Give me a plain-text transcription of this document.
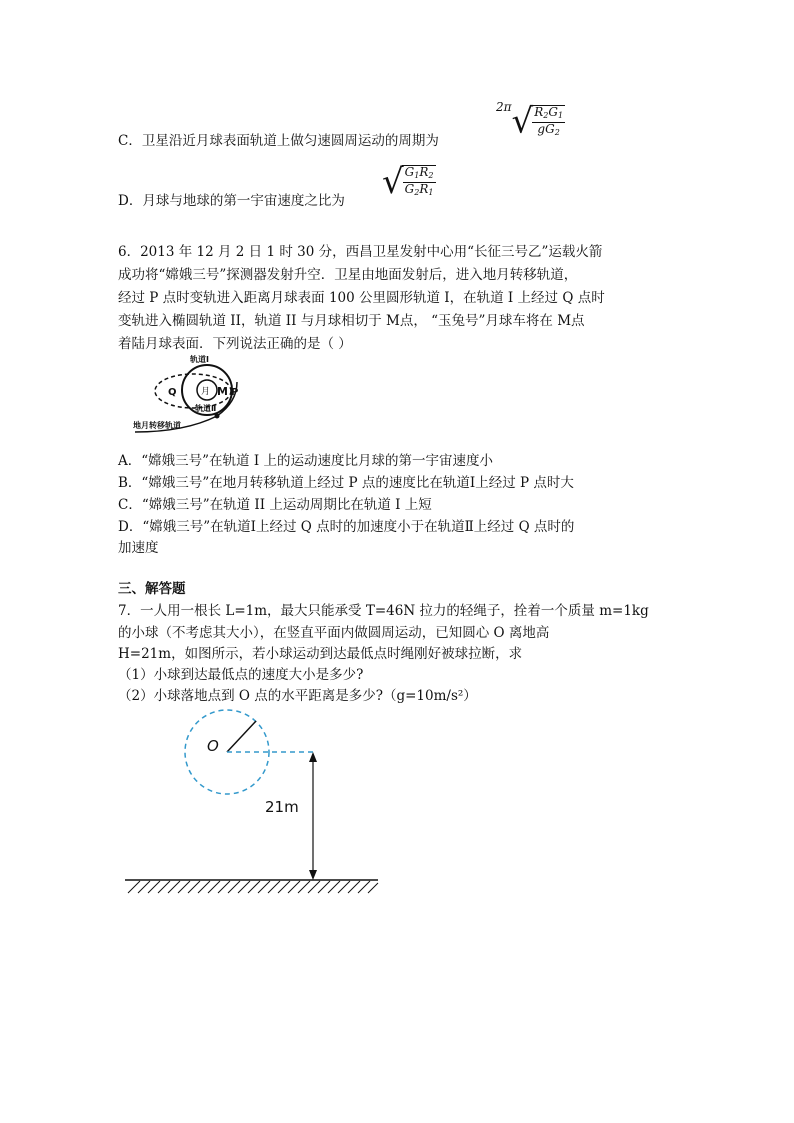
C．卫星沿近月球表面轨道上做匀速圆周运动的周期为
$2\pi√ \frac{R_2G_1}{gG_2}$
D．月球与地球的第一宇宙速度之比为 √ $\frac{G_1R_2}{G_2R_1}$
6．2013 年 12 月 2 日 1 时 30 分，西昌卫星发射中心用“长征三号乙”运载火箭
成功将“嫦娥三号”探测器发射升空．卫星由地面发射后，进入地月转移轨道，
经过 P 点时变轨进入距离月球表面 100 公里圆形轨道 I，在轨道 I 上经过 Q 点时
变轨进入椭圆轨道 II，轨道 II 与月球相切于 M点， “玉兔号”月球车将在 M点
着陆月球表面．下列说法正确的是（ ）
月
轨道Ⅰ
轨道Ⅱ
Q	M P
地月转移轨道
A．“嫦娥三号”在轨道 I 上的运动速度比月球的第一宇宙速度小
B．“嫦娥三号”在地月转移轨道上经过 P 点的速度比在轨道Ⅰ上经过 P 点时大
C．“嫦娥三号”在轨道 II 上运动周期比在轨道 I 上短
D．“嫦娥三号”在轨道Ⅰ上经过 Q 点时的加速度小于在轨道Ⅱ上经过 Q 点时的
加速度
三、解答题
7．一人用一根长 L=1m，最大只能承受 T=46N 拉力的轻绳子，拴着一个质量 m=1kg
的小球（不考虑其大小），在竖直平面内做圆周运动，已知圆心 O 离地高
H=21m，如图所示，若小球运动到达最低点时绳刚好被球拉断，求
（1）小球到达最低点的速度大小是多少?
（2）小球落地点到 O 点的水平距离是多少?（g=10m/s²）
O
21m
